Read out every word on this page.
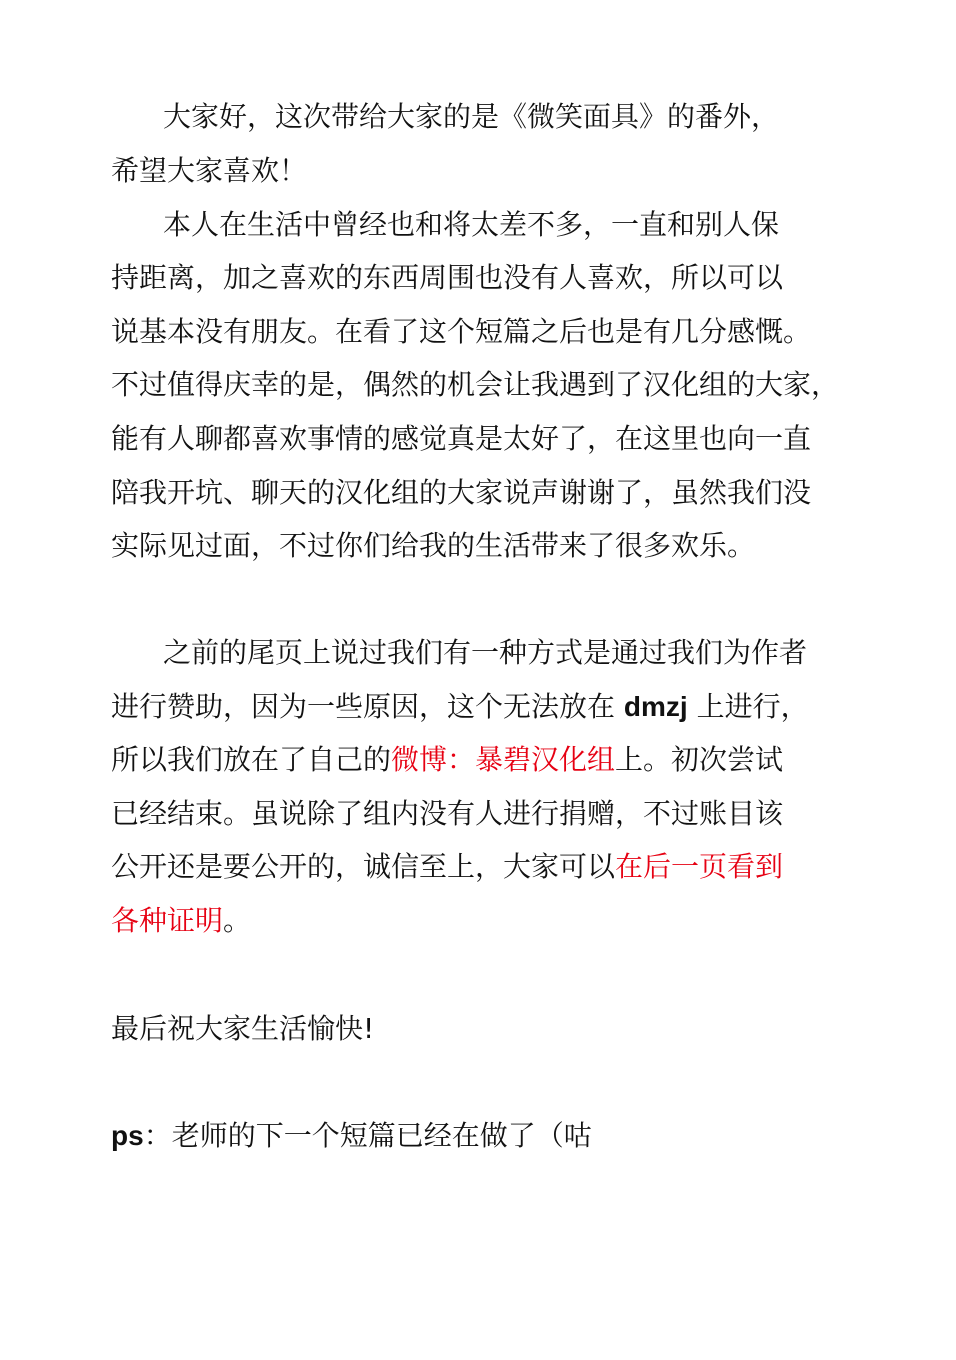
大家好，这次带给大家的是《微笑面具》的番外，

希望大家喜欢！

本人在生活中曾经也和将太差不多，一直和别人保

持距离，加之喜欢的东西周围也没有人喜欢，所以可以

说基本没有朋友。在看了这个短篇之后也是有几分感慨。

不过值得庆幸的是，偶然的机会让我遇到了汉化组的大家，

能有人聊都喜欢事情的感觉真是太好了，在这里也向一直

陪我开坑、聊天的汉化组的大家说声谢谢了，虽然我们没

实际见过面，不过你们给我的生活带来了很多欢乐。

之前的尾页上说过我们有一种方式是通过我们为作者

进行赞助，因为一些原因，这个无法放在 dmzj 上进行，

所以我们放在了自己的微博：暴碧汉化组上。初次尝试

已经结束。虽说除了组内没有人进行捐赠，不过账目该

公开还是要公开的，诚信至上，大家可以在后一页看到

各种证明。

最后祝大家生活愉快!

ps：老师的下一个短篇已经在做了（咕
